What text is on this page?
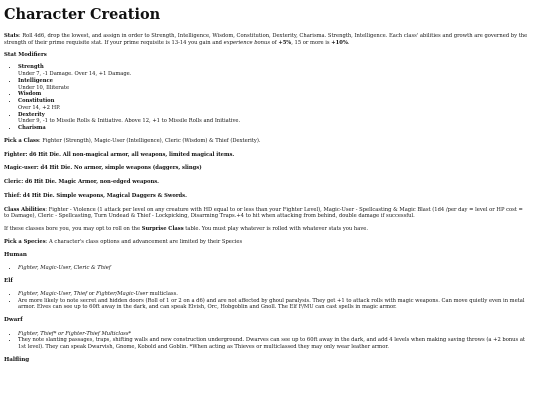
Character Creation

Stats: Roll 4d6, drop the lowest, and assign in order to Strength, Intelligence, Wisdom, Constitution, Dexterity, Charisma. Strength, Intelligence. Each class' abilities and growth are governed by the strength of their prime requisite stat. If your prime requisite is 13-14 you gain and experience bonus of +5%, 15 or more is +10%.

Stat Modifiers
• Strength
Under 7, -1 Damage. Over 14, +1 Damage.
• Intelligence
Under 10, Illiterate
• Wisdom
• Constitution
Over 14, +2 HP.
• Dexterity
Under 9, -1 to Missile Rolls & Initiative. Above 12, +1 to Missile Rolls and Initiative.
• Charisma

Pick a Class: Fighter (Strength), Magic-User (Intelligence), Cleric (Wisdom) & Thief (Dexterity).

Fighter: d6 Hit Die. All non-magical armor, all weapons, limited magical items.

Magic-user: d4 Hit Die. No armor, simple weapons (daggers, slings)

Cleric: d6 Hit Die. Magic Armor, non-edged weapons.

Thief: d4 Hit Die. Simple weapons, Magical Daggers & Swords.

Class Abilities: Fighter - Violence (1 attack per level on any creature with HD equal to or less than your Fighter Level), Magic-User - Spellcasting & Magic Blast (1d4 /per day = level or HP cost = to Damage), Cleric - Spellcasting, Turn Undead & Thief - Lockpicking, Disarming Traps.+4 to hit when attacking from behind, double damage if successful.

If these classes bore you, you may opt to roll on the Surprise Class table. You must play whatever is rolled with whatever stats you have.

Pick a Species: A character's class options and advancement are limited by their Species

Human
• Fighter, Magic-User, Cleric & Thief
Elf
• Fighter, Magic-User, Thief or Fighter/Magic-User multiclass.
• Are more likely to note secret and hidden doors (Roll of 1 or 2 on a d6) and are not affected by ghoul paralysis. They get +1 to attack rolls with magic weapons. Can move quietly even in metal armor. Elves can see up to 60ft away in the dark, and can speak Elvish, Orc, Hobgoblin and Gnoll. The Elf F/MU can cast spells in magic armor.
Dwarf
• Fighter, Thief* or Fighter-Thief Multiclass*
• They note slanting passages, traps, shifting walls and new construction underground. Dwarves can see up to 60ft away in the dark, and add 4 levels when making saving throws (a +2 bonus at 1st level). They can speak Dwarvish, Gnome, Kobold and Goblin. *When acting as Thieves or multiclassed they may only wear leather armor.
Halfling
